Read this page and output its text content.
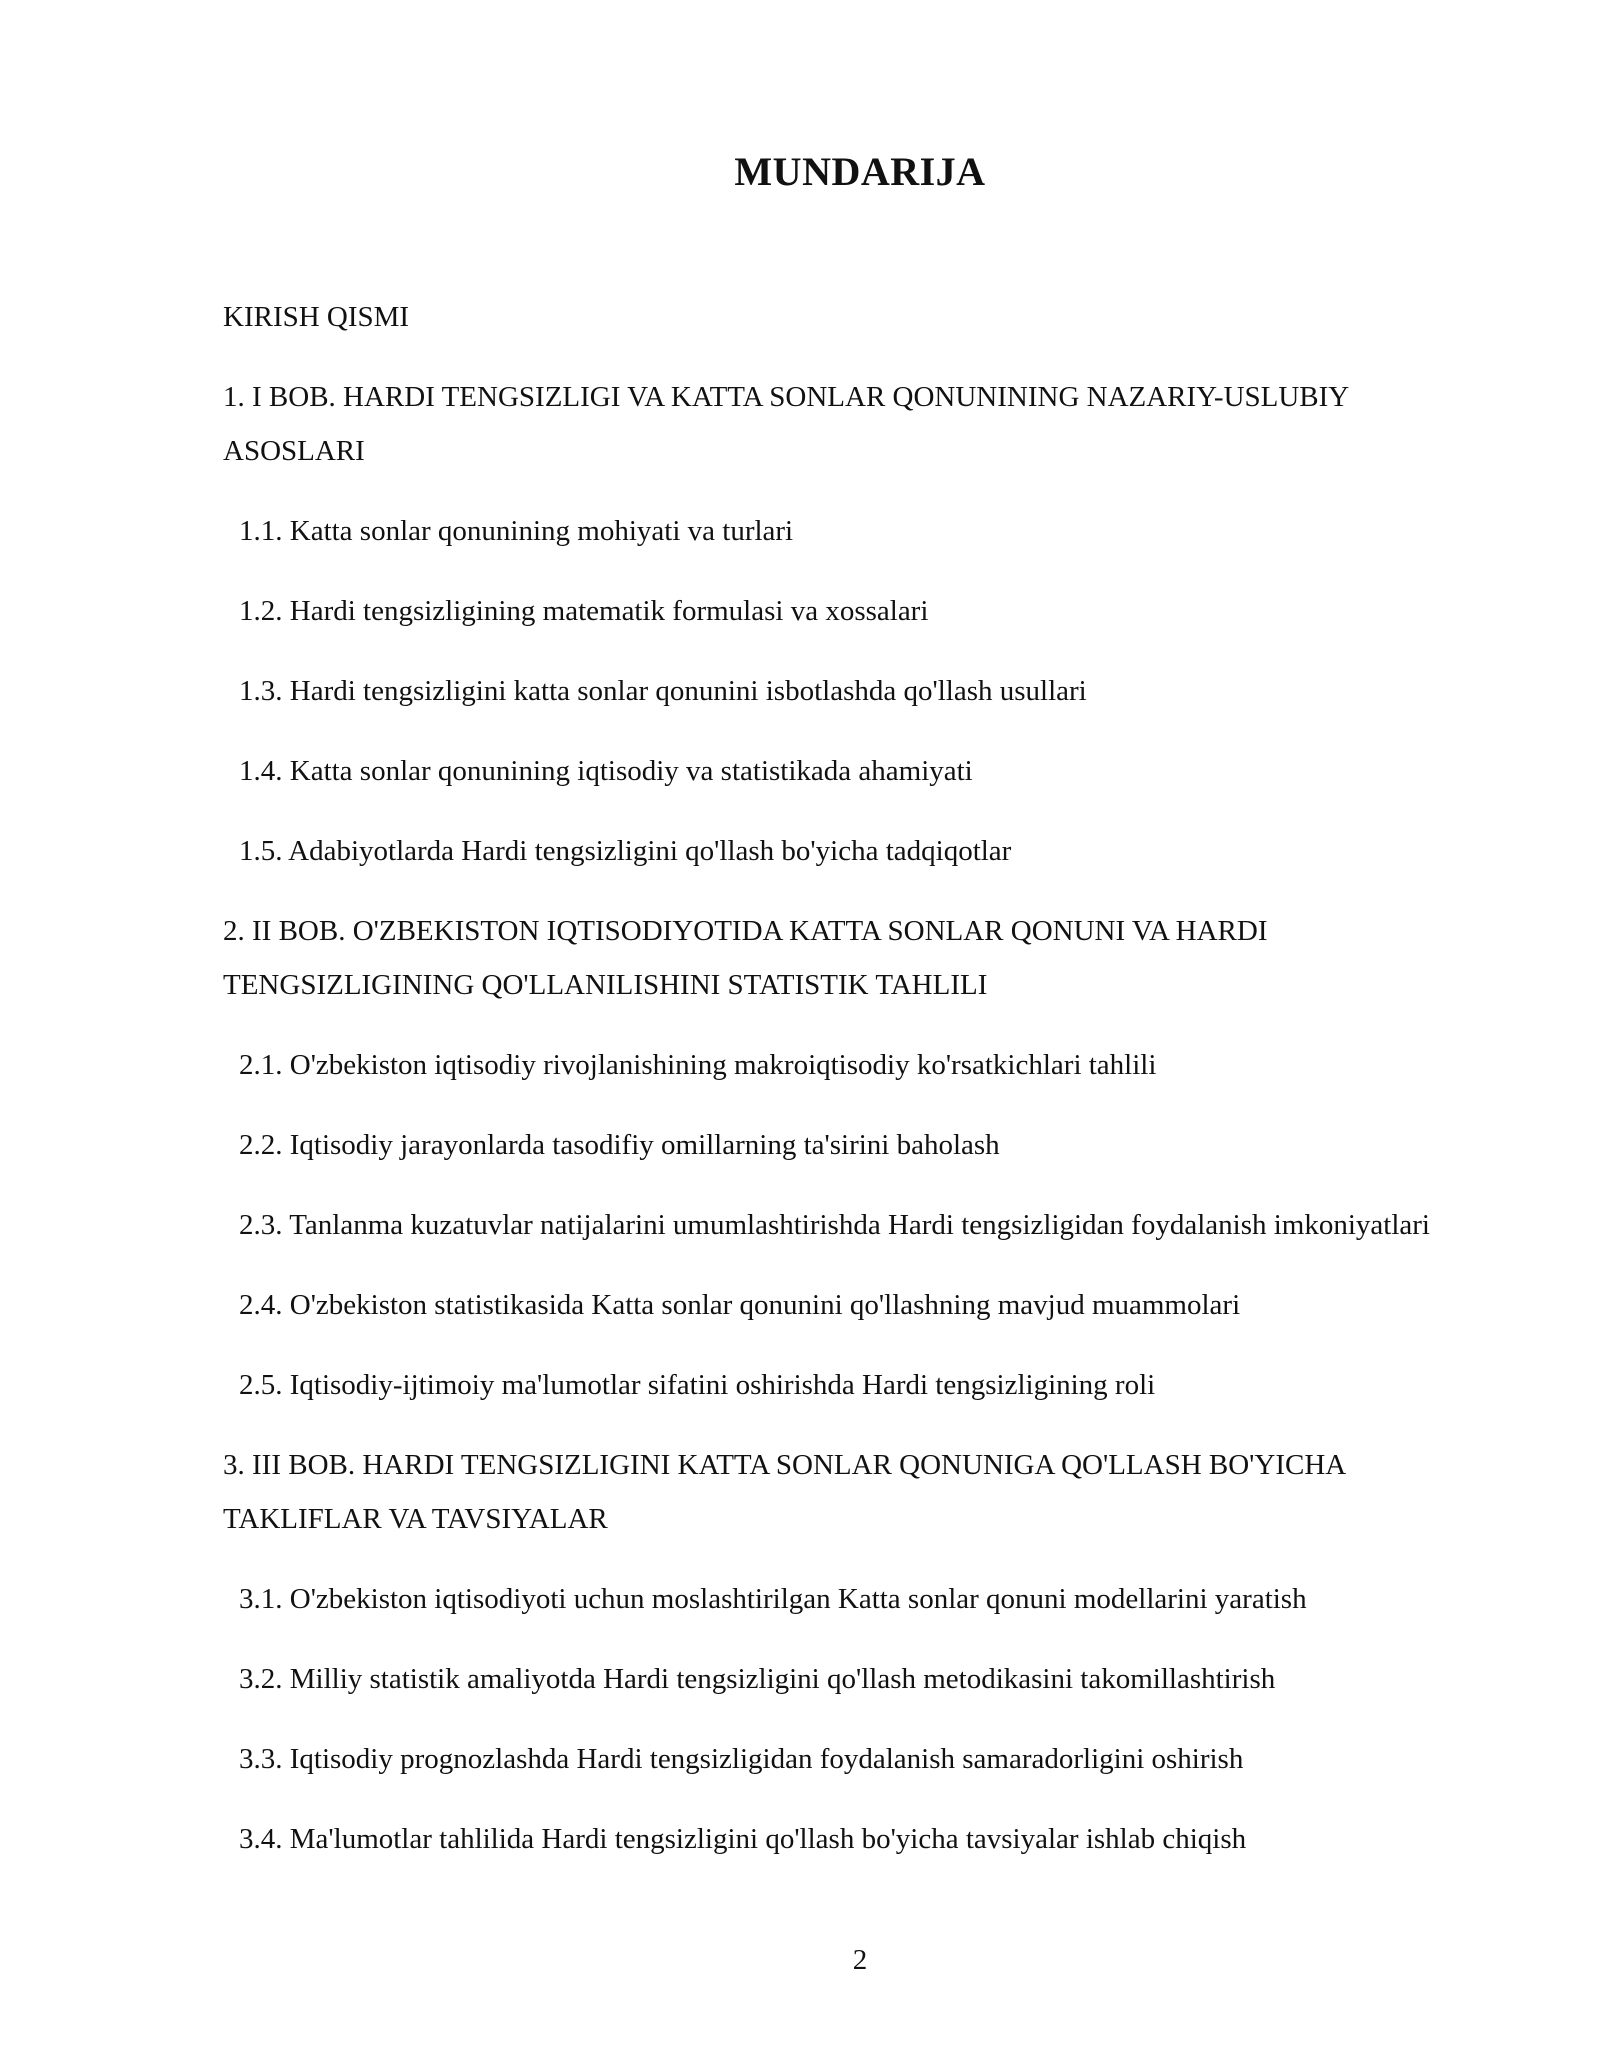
MUNDARIJA
KIRISH QISMI
1. I BOB. HARDI TENGSIZLIGI VA KATTA SONLAR QONUNINING NAZARIY-USLUBIY ASOSLARI
1.1. Katta sonlar qonunining mohiyati va turlari
1.2. Hardi tengsizligining matematik formulasi va xossalari
1.3. Hardi tengsizligini katta sonlar qonunini isbotlashda qo'llash usullari
1.4. Katta sonlar qonunining iqtisodiy va statistikada ahamiyati
1.5. Adabiyotlarda Hardi tengsizligini qo'llash bo'yicha tadqiqotlar
2. II BOB. O'ZBEKISTON IQTISODIYOTIDA KATTA SONLAR QONUNI VA HARDI TENGSIZLIGINING QO'LLANILISHINI STATISTIK TAHLILI
2.1. O'zbekiston iqtisodiy rivojlanishining makroiqtisodiy ko'rsatkichlari tahlili
2.2. Iqtisodiy jarayonlarda tasodifiy omillarning ta'sirini baholash
2.3. Tanlanma kuzatuvlar natijalarini umumlashtirishda Hardi tengsizligidan foydalanish imkoniyatlari
2.4. O'zbekiston statistikasida Katta sonlar qonunini qo'llashning mavjud muammolari
2.5. Iqtisodiy-ijtimoiy ma'lumotlar sifatini oshirishda Hardi tengsizligining roli
3. III BOB. HARDI TENGSIZLIGINI KATTA SONLAR QONUNIGA QO'LLASH BO'YICHA TAKLIFLAR VA TAVSIYALAR
3.1. O'zbekiston iqtisodiyoti uchun moslashtirilgan Katta sonlar qonuni modellarini yaratish
3.2. Milliy statistik amaliyotda Hardi tengsizligini qo'llash metodikasini takomillashtirish
3.3. Iqtisodiy prognozlashda Hardi tengsizligidan foydalanish samaradorligini oshirish
3.4. Ma'lumotlar tahlilida Hardi tengsizligini qo'llash bo'yicha tavsiyalar ishlab chiqish

2
